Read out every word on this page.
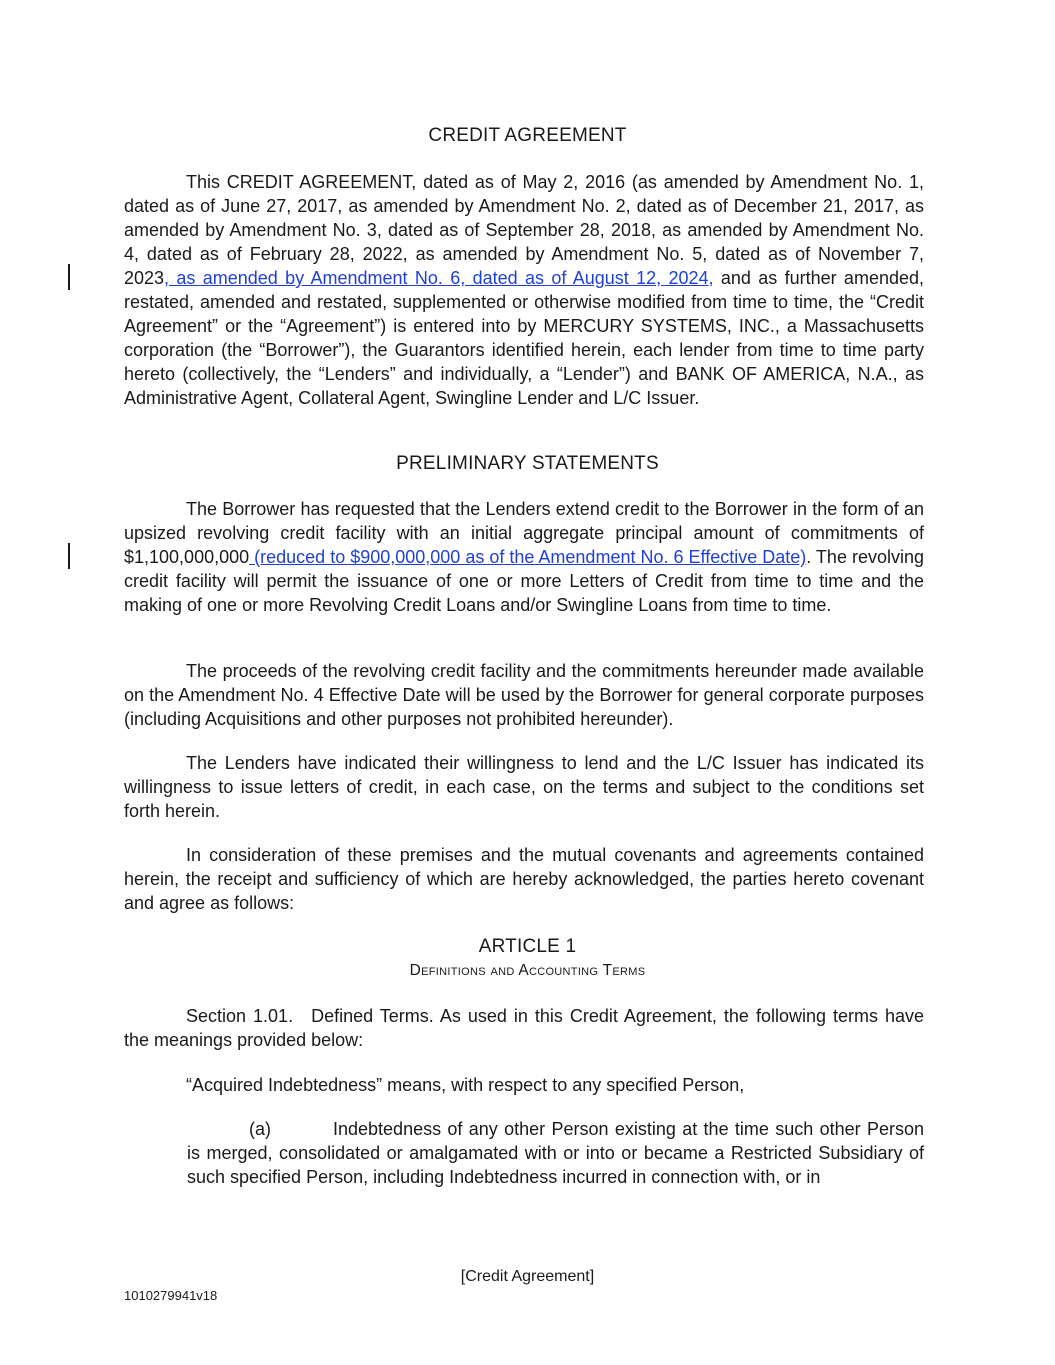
CREDIT AGREEMENT

This CREDIT AGREEMENT, dated as of May 2, 2016 (as amended by Amendment No. 1, dated as of June 27, 2017, as amended by Amendment No. 2, dated as of December 21, 2017, as amended by Amendment No. 3, dated as of September 28, 2018, as amended by Amendment No. 4, dated as of February 28, 2022, as amended by Amendment No. 5, dated as of November 7, 2023, as amended by Amendment No. 6, dated as of August 12, 2024, and as further amended, restated, amended and restated, supplemented or otherwise modified from time to time, the “Credit Agreement” or the “Agreement”) is entered into by MERCURY SYSTEMS, INC., a Massachusetts corporation (the “Borrower”), the Guarantors identified herein, each lender from time to time party hereto (collectively, the “Lenders” and individually, a “Lender”) and BANK OF AMERICA, N.A., as Administrative Agent, Collateral Agent, Swingline Lender and L/C Issuer.

PRELIMINARY STATEMENTS

The Borrower has requested that the Lenders extend credit to the Borrower in the form of an upsized revolving credit facility with an initial aggregate principal amount of commitments of $1,100,000,000 (reduced to $900,000,000 as of the Amendment No. 6 Effective Date). The revolving credit facility will permit the issuance of one or more Letters of Credit from time to time and the making of one or more Revolving Credit Loans and/or Swingline Loans from time to time.

The proceeds of the revolving credit facility and the commitments hereunder made available on the Amendment No. 4 Effective Date will be used by the Borrower for general corporate purposes (including Acquisitions and other purposes not prohibited hereunder).

The Lenders have indicated their willingness to lend and the L/C Issuer has indicated its willingness to issue letters of credit, in each case, on the terms and subject to the conditions set forth herein.

In consideration of these premises and the mutual covenants and agreements contained herein, the receipt and sufficiency of which are hereby acknowledged, the parties hereto covenant and agree as follows:

ARTICLE 1
Definitions and Accounting Terms

Section 1.01. Defined Terms. As used in this Credit Agreement, the following terms have the meanings provided below:

“Acquired Indebtedness” means, with respect to any specified Person,

(a)	Indebtedness of any other Person existing at the time such other Person is merged, consolidated or amalgamated with or into or became a Restricted Subsidiary of such specified Person, including Indebtedness incurred in connection with, or in

[Credit Agreement]
1010279941v18
